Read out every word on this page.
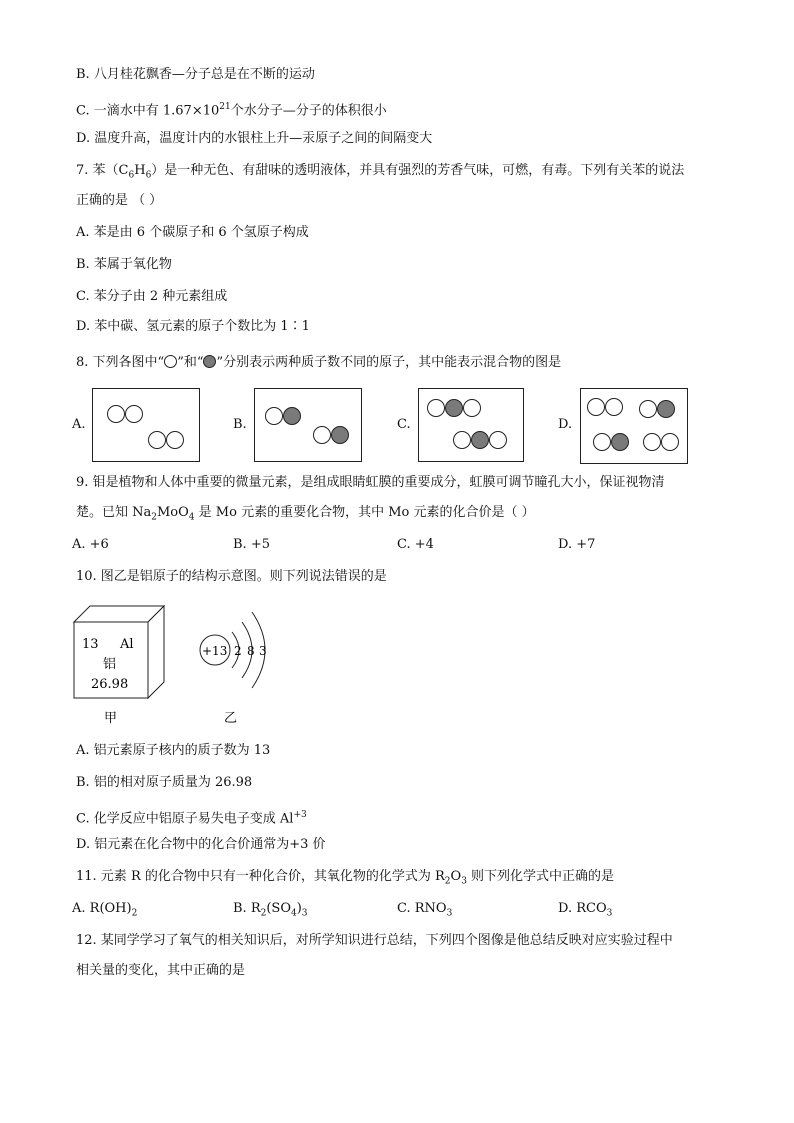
B. 八月桂花飘香—分子总是在不断的运动
C. 一滴水中有 $1.67\times 10^{21}$个水分子—分子的体积很小
D. 温度升高，温度计内的水银柱上升—汞原子之间的间隔变大
7. 苯$(C_6H_6)$是一种无色、有甜味的透明液体，并具有强烈的芳香气味，可燃，有毒。下列有关苯的说法
正确的是 （ ）
A. 苯是由 6 个碳原子和 6 个氢原子构成
B. 苯属于氧化物
C. 苯分子由 2 种元素组成
D. 苯中碳、氢元素的原子个数比为 1∶1
8. 下列各图中“ ”和“ ”分别表示两种质子数不同的原子，其中能表示混合物的图是
A.	B.	C.	D.
9. 钼是植物和人体中重要的微量元素，是组成眼睛虹膜的重要成分，虹膜可调节瞳孔大小，保证视物清
楚。已知 $Na_2MoO_4$ 是 Mo 元素的重要化合物，其中 Mo 元素的化合价是（ ）
A. +6	B. +5	C. +4	D. +7
10. 图乙是铝原子的结构示意图。则下列说法错误的是
13 Al
铝
26.98
+13 2 8 3
甲	乙
A. 铝元素原子核内的质子数为 13
B. 铝的相对原子质量为 26.98
C. 化学反应中铝原子易失电子变成 $Al^{+3}$
D. 铝元素在化合物中的化合价通常为+3 价
11. 元素 R 的化合物中只有一种化合价，其氧化物的化学式为 $R_2O_3$ 则下列化学式中正确的是
A. $R(OH)_2$	B. $R_2(SO_4)_3$	C. $RNO_3$	D. $RCO_3$
12. 某同学学习了氧气的相关知识后，对所学知识进行总结，下列四个图像是他总结反映对应实验过程中
相关量的变化，其中正确的是
